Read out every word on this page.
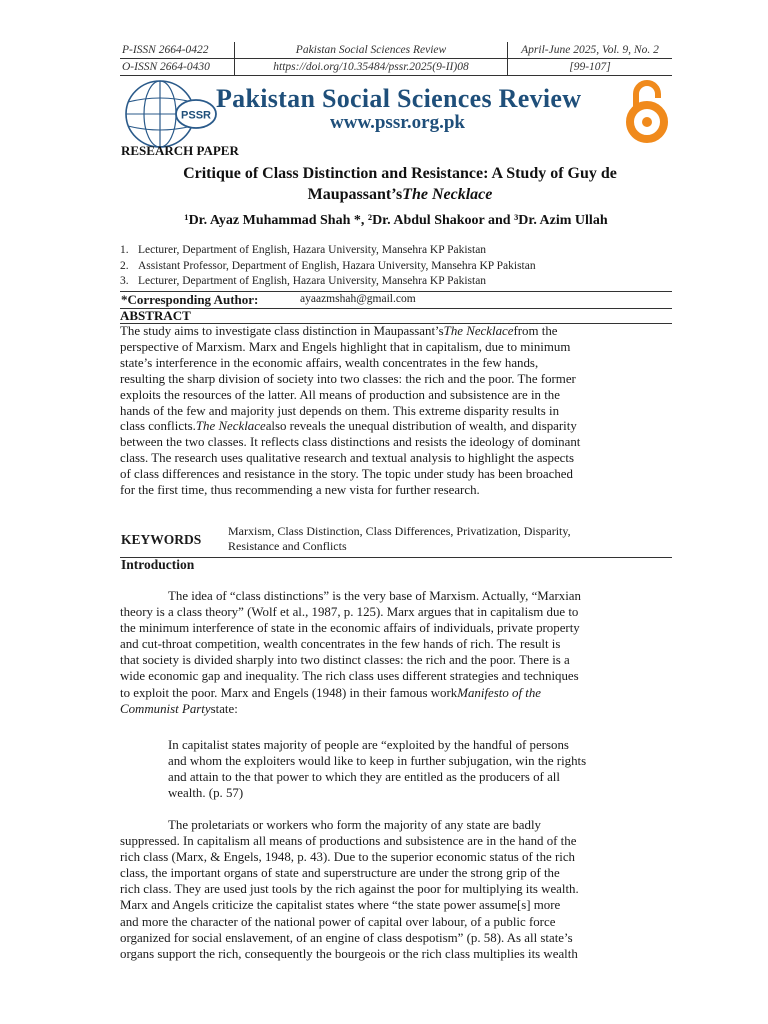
P-ISSN 2664-0422	Pakistan Social Sciences Review	April-June 2025, Vol. 9, No. 2
O-ISSN 2664-0430	https://doi.org/10.35484/pssr.2025(9-II)08	[99-107]
PSSR
Pakistan Social Sciences Review
www.pssr.org.pk
RESEARCH PAPER
Critique of Class Distinction and Resistance: A Study of Guy de
Maupassant’sThe Necklace
¹Dr. Ayaz Muhammad Shah *, ²Dr. Abdul Shakoor and ³Dr. Azim Ullah
1. Lecturer, Department of English, Hazara University, Mansehra KP Pakistan
2. Assistant Professor, Department of English, Hazara University, Mansehra KP Pakistan
3. Lecturer, Department of English, Hazara University, Mansehra KP Pakistan
*Corresponding Author:	ayaazmshah@gmail.com
ABSTRACT
The study aims to investigate class distinction in Maupassant’sThe Necklacefrom the
perspective of Marxism. Marx and Engels highlight that in capitalism, due to minimum
state’s interference in the economic affairs, wealth concentrates in the few hands,
resulting the sharp division of society into two classes: the rich and the poor. The former
exploits the resources of the latter. All means of production and subsistence are in the
hands of the few and majority just depends on them. This extreme disparity results in
class conflicts.The Necklacealso reveals the unequal distribution of wealth, and disparity
between the two classes. It reflects class distinctions and resists the ideology of dominant
class. The research uses qualitative research and textual analysis to highlight the aspects
of class differences and resistance in the story. The topic under study has been broached
for the first time, thus recommending a new vista for further research.
KEYWORDS
Marxism, Class Distinction, Class Differences, Privatization, Disparity,
Resistance and Conflicts
Introduction
The idea of “class distinctions” is the very base of Marxism. Actually, “Marxian
theory is a class theory” (Wolf et al., 1987, p. 125). Marx argues that in capitalism due to
the minimum interference of state in the economic affairs of individuals, private property
and cut-throat competition, wealth concentrates in the few hands of rich. The result is
that society is divided sharply into two distinct classes: the rich and the poor. There is a
wide economic gap and inequality. The rich class uses different strategies and techniques
to exploit the poor. Marx and Engels (1948) in their famous workManifesto of the
Communist Partystate:
In capitalist states majority of people are “exploited by the handful of persons
and whom the exploiters would like to keep in further subjugation, win the rights
and attain to the that power to which they are entitled as the producers of all
wealth. (p. 57)
The proletariats or workers who form the majority of any state are badly
suppressed. In capitalism all means of productions and subsistence are in the hand of the
rich class (Marx, & Engels, 1948, p. 43). Due to the superior economic status of the rich
class, the important organs of state and superstructure are under the strong grip of the
rich class. They are used just tools by the rich against the poor for multiplying its wealth.
Marx and Angels criticize the capitalist states where “the state power assume[s] more
and more the character of the national power of capital over labour, of a public force
organized for social enslavement, of an engine of class despotism” (p. 58). As all state’s
organs support the rich, consequently the bourgeois or the rich class multiplies its wealth
